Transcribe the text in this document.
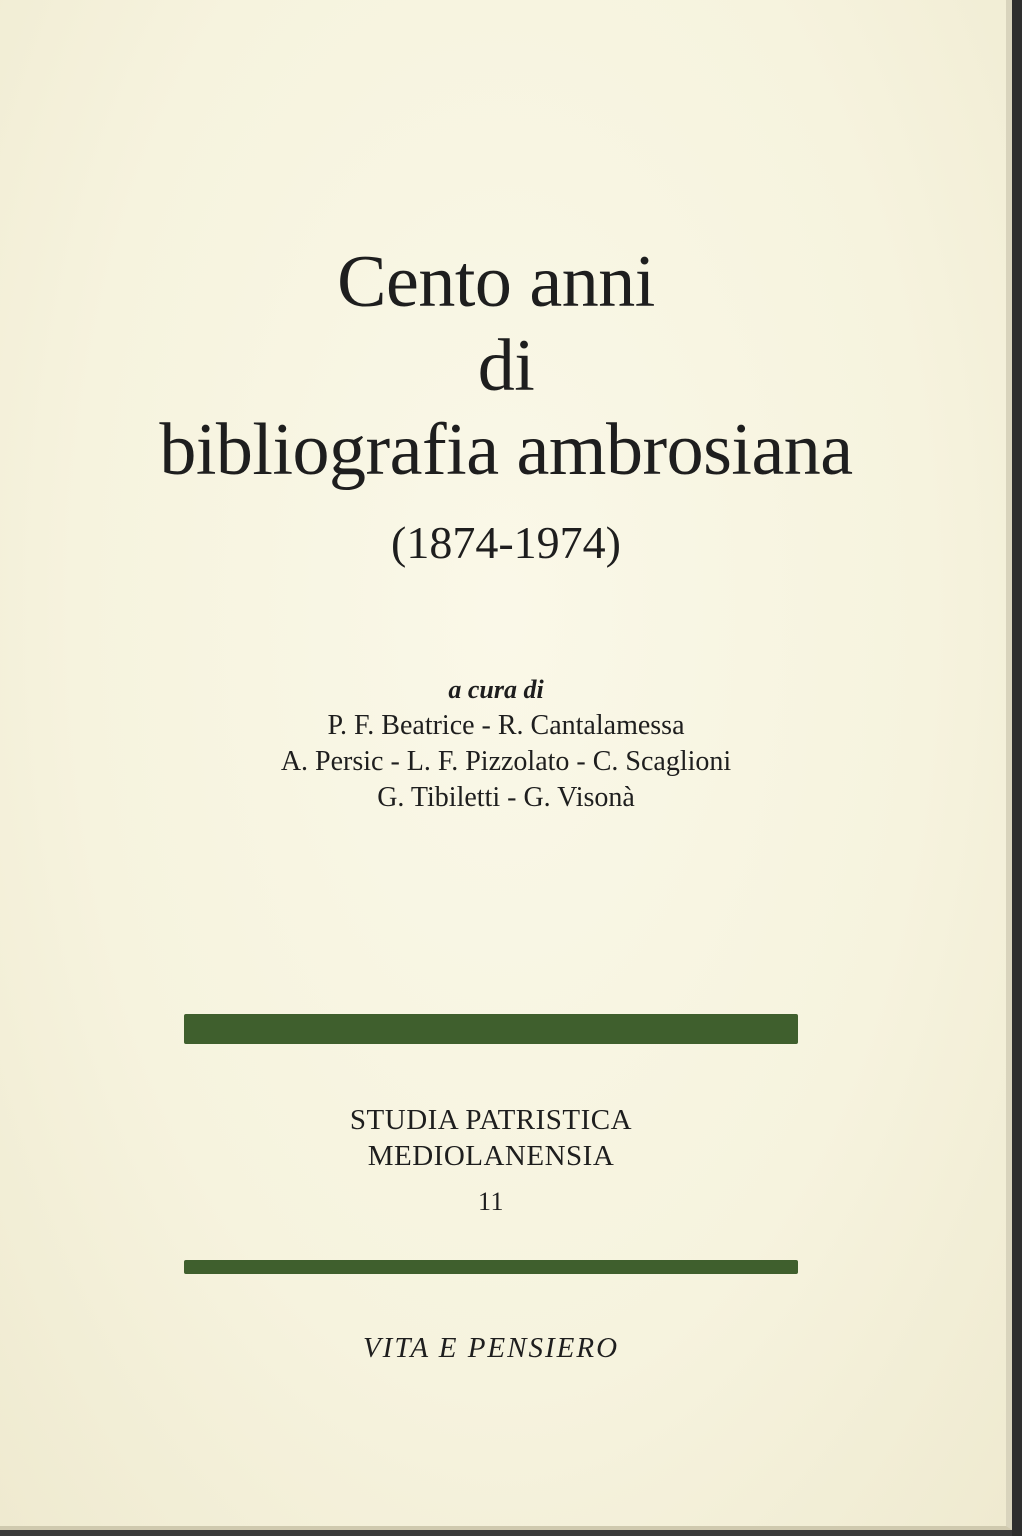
Cento anni
di
bibliografia ambrosiana
(1874-1974)
a cura di
P. F. Beatrice - R. Cantalamessa
A. Persic - L. F. Pizzolato - C. Scaglioni
G. Tibiletti - G. Visonà
STUDIA PATRISTICA
MEDIOLANENSIA
11
VITA E PENSIERO
